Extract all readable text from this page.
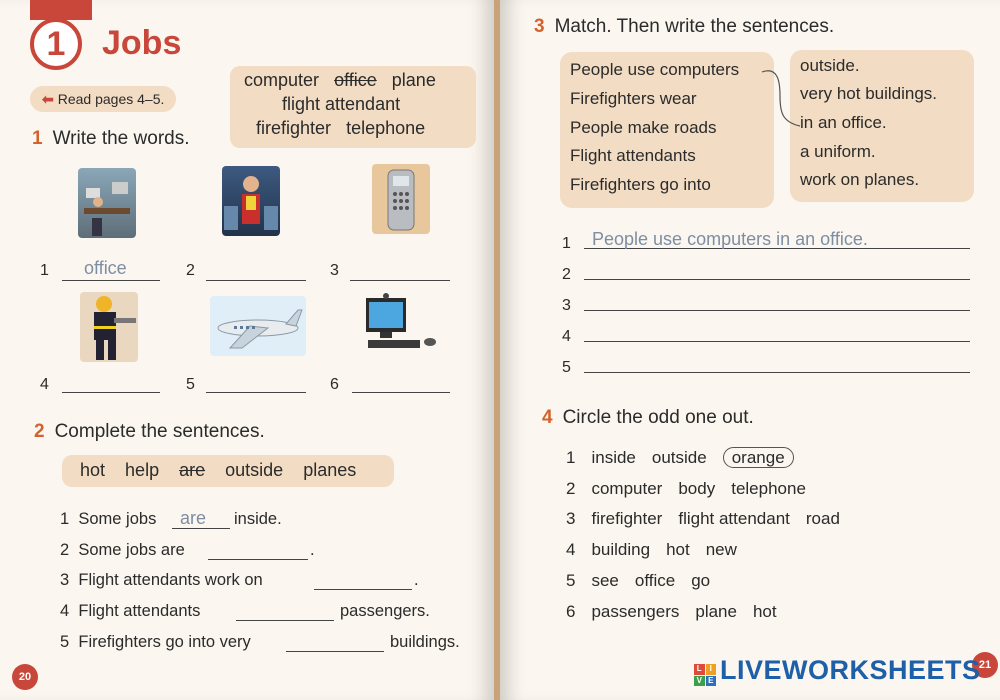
1	Jobs
⬅ Read pages 4–5.
computer office plane
flight attendant
firefighter telephone
1 Write the words.
1 office	2	3
4	5	6
2 Complete the sentences.
hot help are outside planes
1 Some jobs are inside.
2 Some jobs are	.
3 Flight attendants work on	.
4 Flight attendants	passengers.
5 Firefighters go into very	buildings.
20
3 Match. Then write the sentences.
People use computers
Firefighters wear
People make roads
Flight attendants
Firefighters go into
outside.
very hot buildings.
in an office.
a uniform.
work on planes.
1 People use computers in an office.
2
3
4
5
4 Circle the odd one out.
1 inside outside orange
2 computer body telephone
3 firefighter flight attendant road
4 building hot new
5 see office go
6 passengers plane hot
21
L I
V E LIVEWORKSHEETS
